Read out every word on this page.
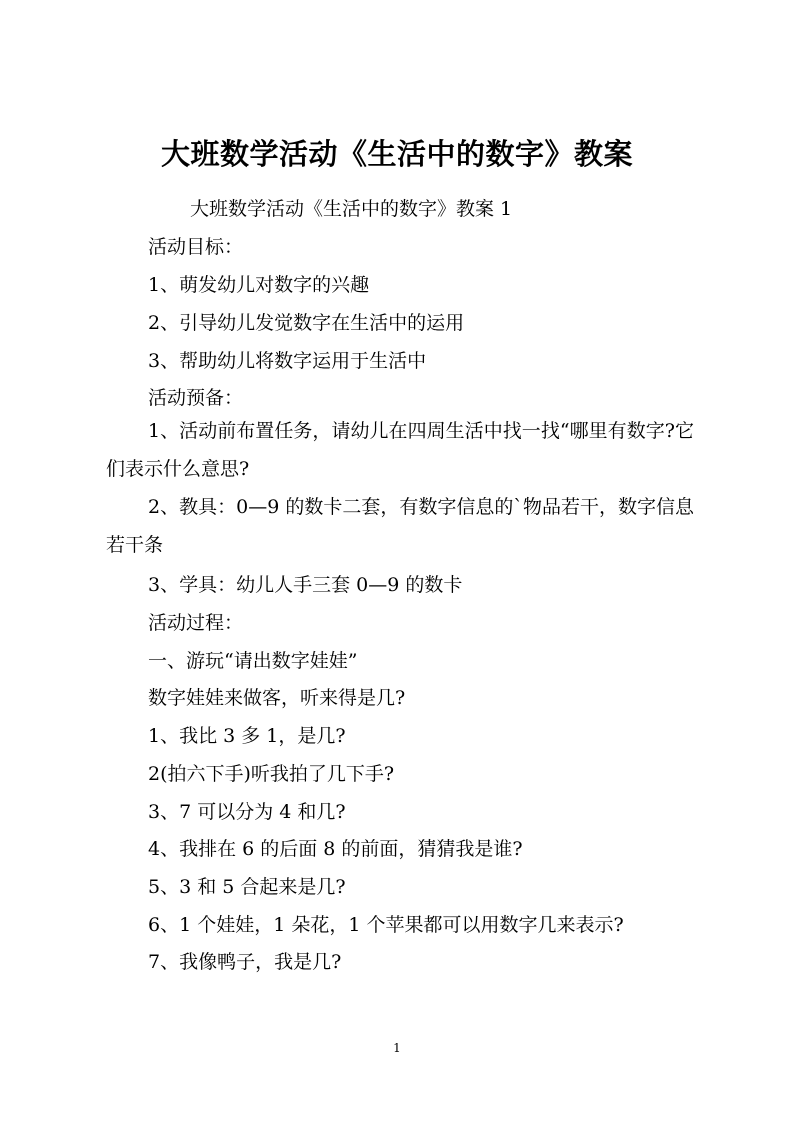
大班数学活动《生活中的数字》教案
大班数学活动《生活中的数字》教案 1
活动目标：
1、萌发幼儿对数字的兴趣
2、引导幼儿发觉数字在生活中的运用
3、帮助幼儿将数字运用于生活中
活动预备：
1、活动前布置任务，请幼儿在四周生活中找一找“哪里有数字?它们表示什么意思?
2、教具：0—9 的数卡二套，有数字信息的`物品若干，数字信息若干条
3、学具：幼儿人手三套 0—9 的数卡
活动过程：
一、游玩“请出数字娃娃”
数字娃娃来做客，听来得是几?
1、我比 3 多 1，是几?
2(拍六下手)听我拍了几下手?
3、7 可以分为 4 和几?
4、我排在 6 的后面 8 的前面，猜猜我是谁?
5、3 和 5 合起来是几?
6、1 个娃娃，1 朵花，1 个苹果都可以用数字几来表示?
7、我像鸭子，我是几?
1
